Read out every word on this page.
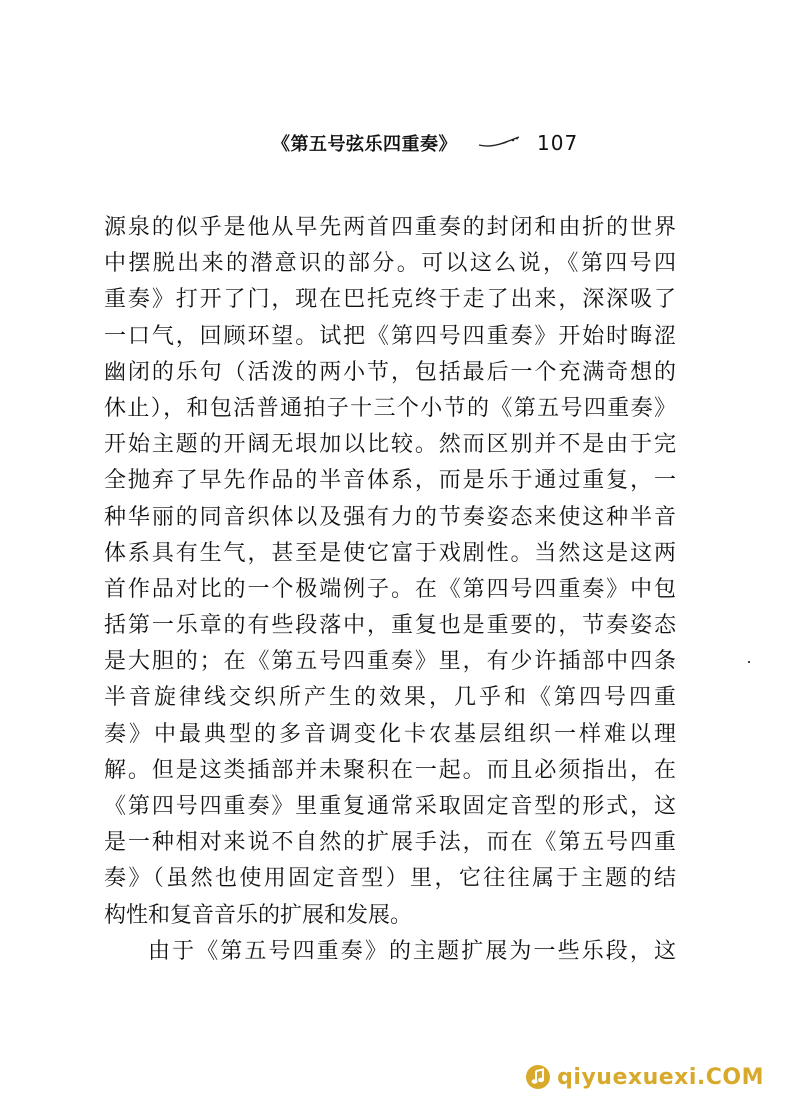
《第五号弦乐四重奏》	107
源泉的似乎是他从早先两首四重奏的封闭和由折的世界
中摆脱出来的潜意识的部分。可以这么说，《第四号四
重奏》打开了门，现在巴托克终于走了出来，深深吸了
一口气，回顾环望。试把《第四号四重奏》开始时晦涩
幽闭的乐句（活泼的两小节，包括最后一个充满奇想的
休止），和包活普通拍子十三个小节的《第五号四重奏》
开始主题的开阔无垠加以比较。然而区别并不是由于完
全抛弃了早先作品的半音体系，而是乐于通过重复，一
种华丽的同音织体以及强有力的节奏姿态来使这种半音
体系具有生气，甚至是使它富于戏剧性。当然这是这两
首作品对比的一个极端例子。在《第四号四重奏》中包
括第一乐章的有些段落中，重复也是重要的，节奏姿态
是大胆的；在《第五号四重奏》里，有少许插部中四条
半音旋律线交织所产生的效果，几乎和《第四号四重
奏》中最典型的多音调变化卡农基层组织一样难以理
解。但是这类插部并未聚积在一起。而且必须指出，在
《第四号四重奏》里重复通常采取固定音型的形式，这
是一种相对来说不自然的扩展手法，而在《第五号四重
奏》（虽然也使用固定音型）里，它往往属于主题的结
构性和复音音乐的扩展和发展。
由于《第五号四重奏》的主题扩展为一些乐段，这
qiyuexuexi.COM
